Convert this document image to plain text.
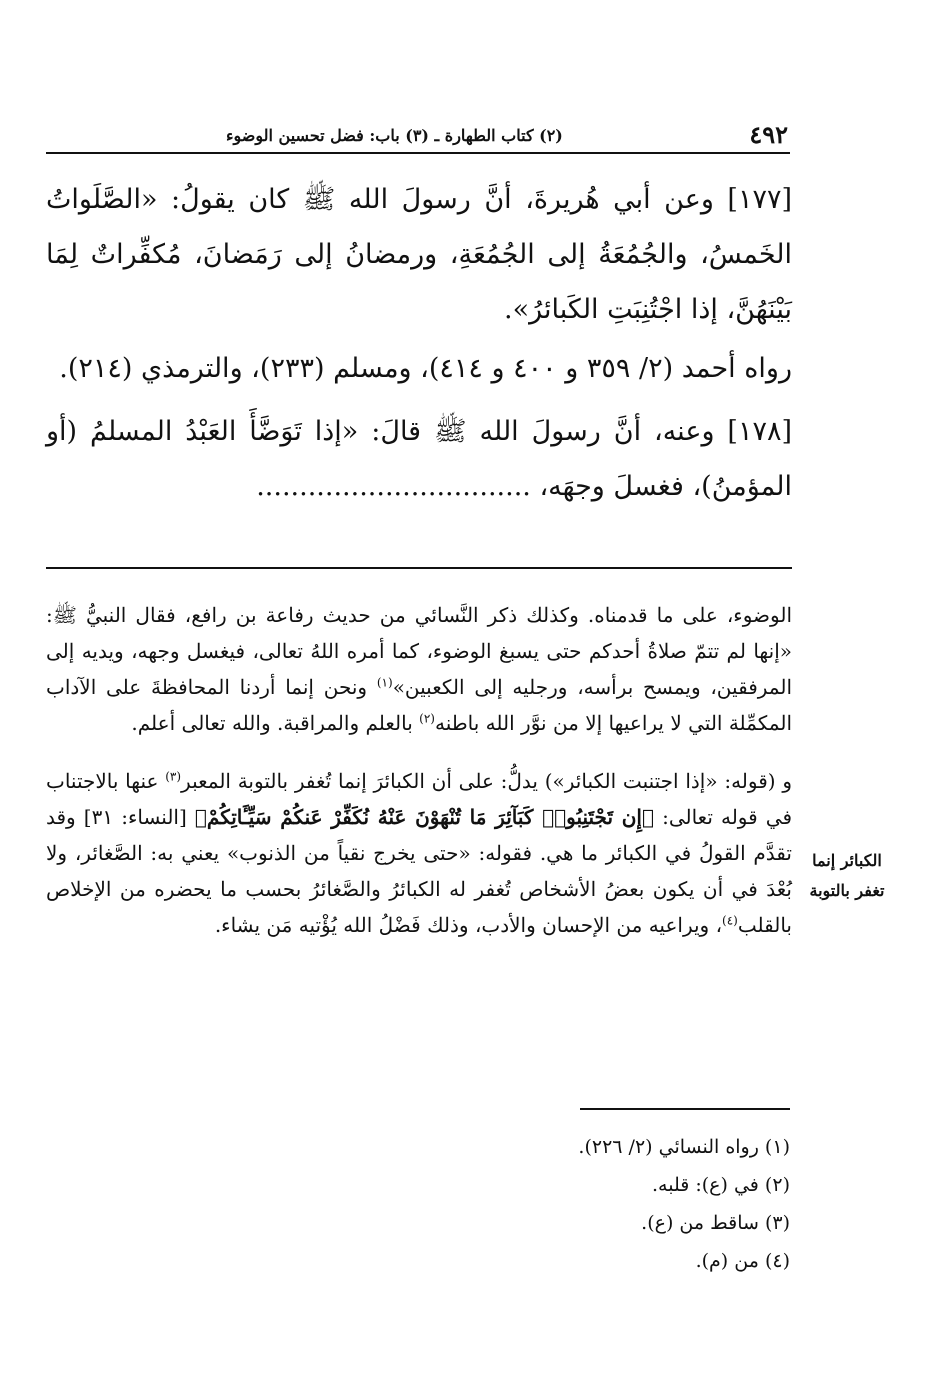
٤٩٢
(٢) كتاب الطهارة ـ (٣) باب: فضل تحسين الوضوء

[١٧٧] وعن أبي هُريرةَ، أنَّ رسولَ الله ﷺ كان يقولُ: «الصَّلَواتُ الخَمسُ، والجُمُعَةُ إلى الجُمُعَةِ، ورمضانُ إلى رَمَضانَ، مُكفِّراتٌ لِمَا بَيْنَهُنَّ، إذا اجْتُنِبَتِ الكَبائرُ».

رواه أحمد (٢/ ٣٥٩ و ٤٠٠ و ٤١٤)، ومسلم (٢٣٣)، والترمذي (٢١٤).

[١٧٨] وعنه، أنَّ رسولَ الله ﷺ قالَ: «إذا تَوَضَّأَ العَبْدُ المسلمُ (أو المؤمنُ)، فغسلَ وجهَه، ................................

الوضوء، على ما قدمناه. وكذلك ذكر النَّسائي من حديث رفاعة بن رافع، فقال النبيُّ ﷺ: «إنها لم تتمّ صلاةُ أحدكم حتى يسبغ الوضوء، كما أمره اللهُ تعالى، فيغسل وجهه، ويديه إلى المرفقين، ويمسح برأسه، ورجليه إلى الكعبين»$^{(١)}$ ونحن إنما أردنا المحافظةَ على الآداب المكمِّلة التي لا يراعيها إلا من نوَّر الله باطنه$^{(٢)}$ بالعلم والمراقبة. والله تعالى أعلم.

و (قوله: «إذا اجتنبت الكبائر») يدلُّ: على أن الكبائرَ إنما تُغفر بالتوبة المعبر$^{(٣)}$ عنها بالاجتناب في قوله تعالى: ﴿إِن تَجْتَنِبُوا۟ كَبَآئِرَ مَا تُنْهَوْنَ عَنْهُ نُكَفِّرْ عَنكُمْ سَيِّـَٔاتِكُمْ﴾ [النساء: ٣١] وقد تقدَّم القولُ في الكبائر ما هي. فقوله: «حتى يخرج نقياً من الذنوب» يعني به: الصَّغائر، ولا بُعْدَ في أن يكون بعضُ الأشخاص تُغفر له الكبائرُ والصَّغائرُ بحسب ما يحضره من الإخلاص بالقلب$^{(٤)}$، ويراعيه من الإحسان والأدب، وذلك فَضْلُ الله يُؤْتيه مَن يشاء.

الكبائر إنما
تغفر بالتوبة
(١) رواه النسائي (٢/ ٢٢٦).
(٢) في (ع): قلبه.
(٣) ساقط من (ع).
(٤) من (م).
